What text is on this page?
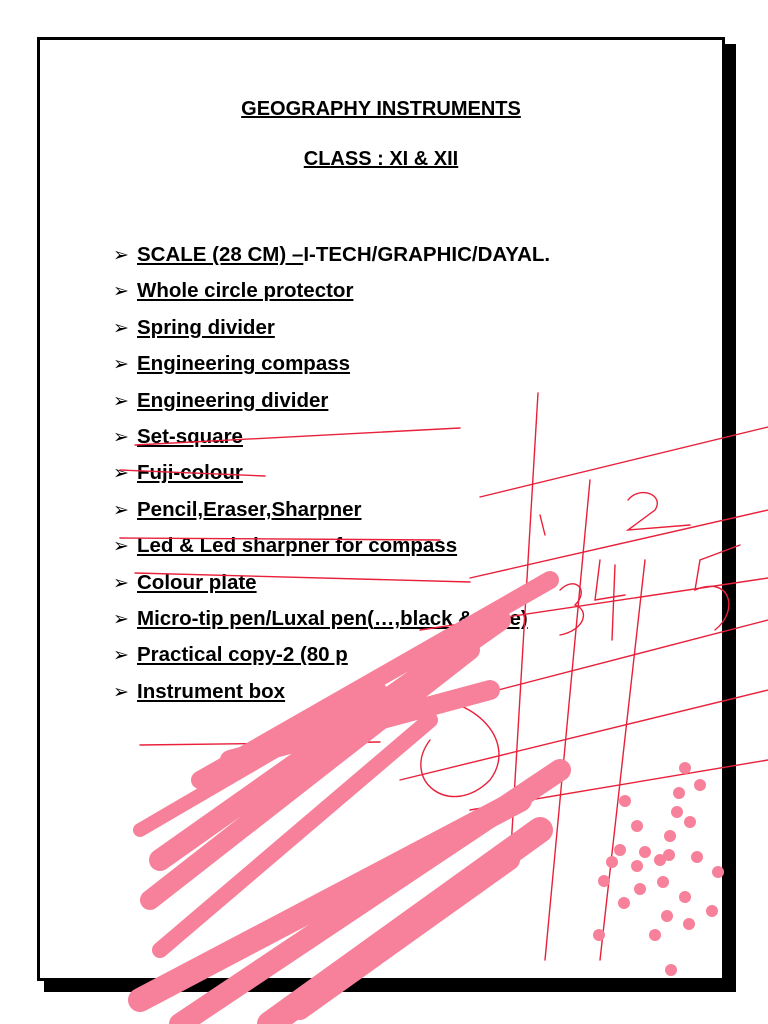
GEOGRAPHY INSTRUMENTS
CLASS : XI & XII
➢ SCALE (28 CM) – I-TECH/GRAPHIC/DAYAL.
➢ Whole circle protector
➢ Spring divider
➢ Engineering compass
➢ Engineering divider
➢ Set-square
➢ Fuji-colour
➢ Pencil,Eraser,Sharpner
➢ Led & Led sharpner for compass
➢ Colour plate
➢ Micro-tip pen/Luxal pen( …,black & blue)
➢ Practical copy-2 (80 p
➢ Instrument box
